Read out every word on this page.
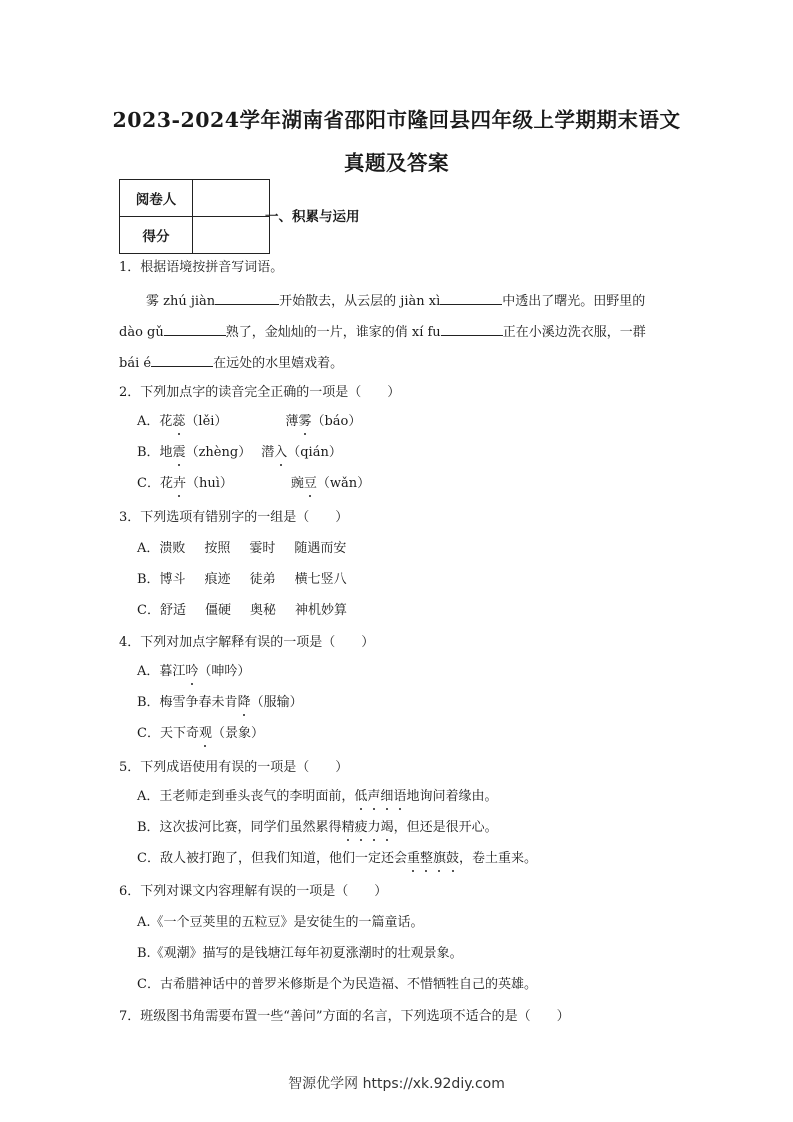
2023-2024学年湖南省邵阳市隆回县四年级上学期期末语文
真题及答案
阅卷人	
得分	
一、积累与运用
1．根据语境按拼音写词语。
雾 zhú jiàn	开始散去，从云层的 jiàn xì	中透出了曙光。田野里的
dào gǔ	熟了，金灿灿的一片，谁家的俏 xí fu	正在小溪边洗衣服，一群
bái é	在远处的水里嬉戏着。
2．下列加点字的读音完全正确的一项是（　　）
A．花蕊（lěi）	薄雾（báo）
B．地震（zhèng） 潜入（qián）
C．花卉（huì）	豌豆（wǎn）
3．下列选项有错别字的一组是（　　）
A．溃败 按照 霎时 随遇而安
B．博斗 痕迹 徒弟 横七竖八
C．舒适 僵硬 奥秘 神机妙算
4．下列对加点字解释有误的一项是（　　）
A．暮江吟（呻吟）
B．梅雪争春未肯降（服输）
C．天下奇观（景象）
5．下列成语使用有误的一项是（　　）
A．王老师走到垂头丧气的李明面前，低声细语地询问着缘由。
B．这次拔河比赛，同学们虽然累得精疲力竭，但还是很开心。
C．敌人被打跑了，但我们知道，他们一定还会重整旗鼓，卷土重来。
6．下列对课文内容理解有误的一项是（　　）
A.《一个豆荚里的五粒豆》是安徒生的一篇童话。
B.《观潮》描写的是钱塘江每年初夏涨潮时的壮观景象。
C．古希腊神话中的普罗米修斯是个为民造福、不惜牺牲自己的英雄。
7．班级图书角需要布置一些“善问”方面的名言，下列选项不适合的是（　　）
智源优学网 https://xk.92diy.com
